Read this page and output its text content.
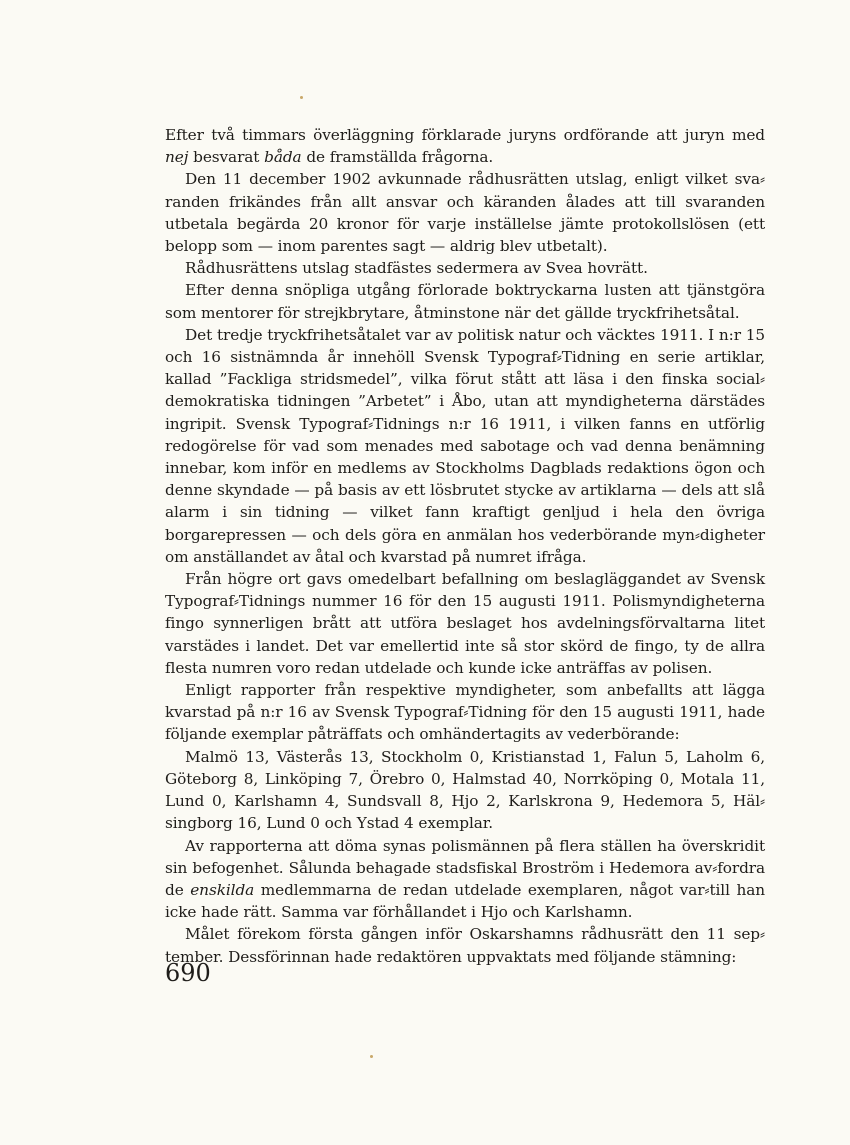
Efter två timmars överläggning förklarade juryns ordförande att juryn med nej besvarat båda de framställda frågorna.

Den 11 december 1902 avkunnade rådhusrätten utslag, enligt vilket sva⸗randen frikändes från allt ansvar och käranden ålades att till svaranden utbetala begärda 20 kronor för varje inställelse jämte protokollslösen (ett belopp som — inom parentes sagt — aldrig blev utbetalt).

Rådhusrättens utslag stadfästes sedermera av Svea hovrätt.

Efter denna snöpliga utgång förlorade boktryckarna lusten att tjänstgöra som mentorer för strejkbrytare, åtminstone när det gällde tryckfrihetsåtal.

Det tredje tryckfrihetsåtalet var av politisk natur och väcktes 1911. I n:r 15 och 16 sistnämnda år innehöll Svensk Typograf⸗Tidning en serie artiklar, kallad ”Fackliga stridsmedel”, vilka förut stått att läsa i den finska social⸗demokratiska tidningen ”Arbetet” i Åbo, utan att myndigheterna därstädes ingripit. Svensk Typograf⸗Tidnings n:r 16 1911, i vilken fanns en utförlig redogörelse för vad som menades med sabotage och vad denna benämning innebar, kom inför en medlems av Stockholms Dagblads redaktions ögon och denne skyndade — på basis av ett lösbrutet stycke av artiklarna — dels att slå alarm i sin tidning — vilket fann kraftigt genljud i hela den övriga borgarepressen — och dels göra en anmälan hos vederbörande myn⸗digheter om anställandet av åtal och kvarstad på numret ifråga.

Från högre ort gavs omedelbart befallning om beslagläggandet av Svensk Typograf⸗Tidnings nummer 16 för den 15 augusti 1911. Polismyndigheterna fingo synnerligen brått att utföra beslaget hos avdelningsförvaltarna litet varstädes i landet. Det var emellertid inte så stor skörd de fingo, ty de allra flesta numren voro redan utdelade och kunde icke anträffas av polisen.

Enligt rapporter från respektive myndigheter, som anbefallts att lägga kvarstad på n:r 16 av Svensk Typograf⸗Tidning för den 15 augusti 1911, hade följande exemplar påträffats och omhändertagits av vederbörande:

Malmö 13, Västerås 13, Stockholm 0, Kristianstad 1, Falun 5, Laholm 6, Göteborg 8, Linköping 7, Örebro 0, Halmstad 40, Norrköping 0, Motala 11, Lund 0, Karlshamn 4, Sundsvall 8, Hjo 2, Karlskrona 9, Hedemora 5, Häl⸗singborg 16, Lund 0 och Ystad 4 exemplar.

Av rapporterna att döma synas polismännen på flera ställen ha överskridit sin befogenhet. Sålunda behagade stadsfiskal Broström i Hedemora av⸗fordra de enskilda medlemmarna de redan utdelade exemplaren, något var⸗till han icke hade rätt. Samma var förhållandet i Hjo och Karlshamn.

Målet förekom första gången inför Oskarshamns rådhusrätt den 11 sep⸗tember. Dessförinnan hade redaktören uppvaktats med följande stämning:

690
